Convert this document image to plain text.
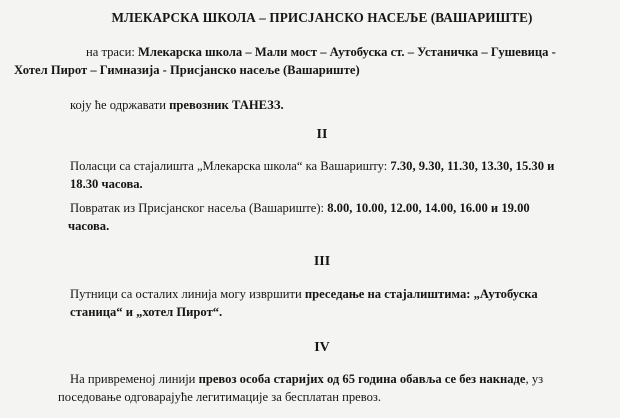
МЛЕКАРСКА ШКОЛА – ПРИСЈАНСКО НАСЕЉЕ (ВАШАРИШТЕ)

на траси: Млекарска школа – Мали мост – Аутобуска ст. – Устаничка – Гушевица -
Хотел Пирот – Гимназија - Присјанско насеље (Вашариште)

коју ће одржавати превозник ТАНЕЗЗ.

II

Поласци са стајалишта „Млекарска школа“ ка Вашаришту: 7.30, 9.30, 11.30, 13.30, 15.30 и
18.30 часова.

Повратак из Присјанског насеља (Вашариште): 8.00, 10.00, 12.00, 14.00, 16.00 и 19.00
часова.

III

Путници са осталих линија могу извршити преседање на стајалиштима: „Аутобуска
станица“ и „хотел Пирот“.

IV

На привременој линији превоз особа старијих од 65 година обавља се без накнаде, уз
поседовање одговарајуће легитимације за бесплатан превоз.
